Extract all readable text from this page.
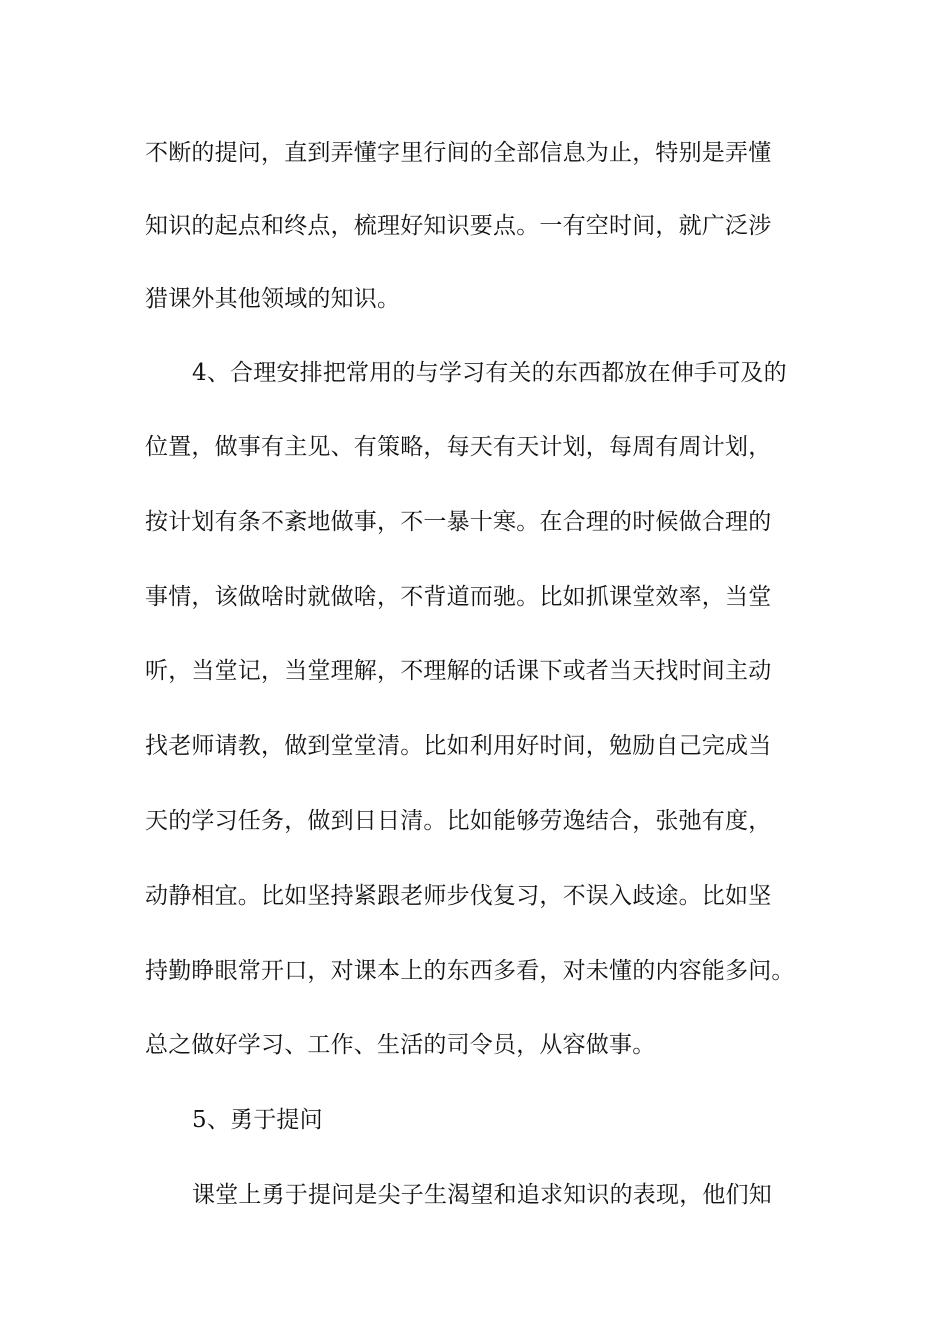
不断的提问，直到弄懂字里行间的全部信息为止，特别是弄懂

知识的起点和终点，梳理好知识要点。一有空时间，就广泛涉

猎课外其他领域的知识。

4、合理安排把常用的与学习有关的东西都放在伸手可及的

位置，做事有主见、有策略，每天有天计划，每周有周计划，

按计划有条不紊地做事，不一暴十寒。在合理的时候做合理的

事情，该做啥时就做啥，不背道而驰。比如抓课堂效率，当堂

听，当堂记，当堂理解，不理解的话课下或者当天找时间主动

找老师请教，做到堂堂清。比如利用好时间，勉励自己完成当

天的学习任务，做到日日清。比如能够劳逸结合，张弛有度，

动静相宜。比如坚持紧跟老师步伐复习，不误入歧途。比如坚

持勤睁眼常开口，对课本上的东西多看，对未懂的内容能多问。

总之做好学习、工作、生活的司令员，从容做事。

5、勇于提问

课堂上勇于提问是尖子生渴望和追求知识的表现，他们知
